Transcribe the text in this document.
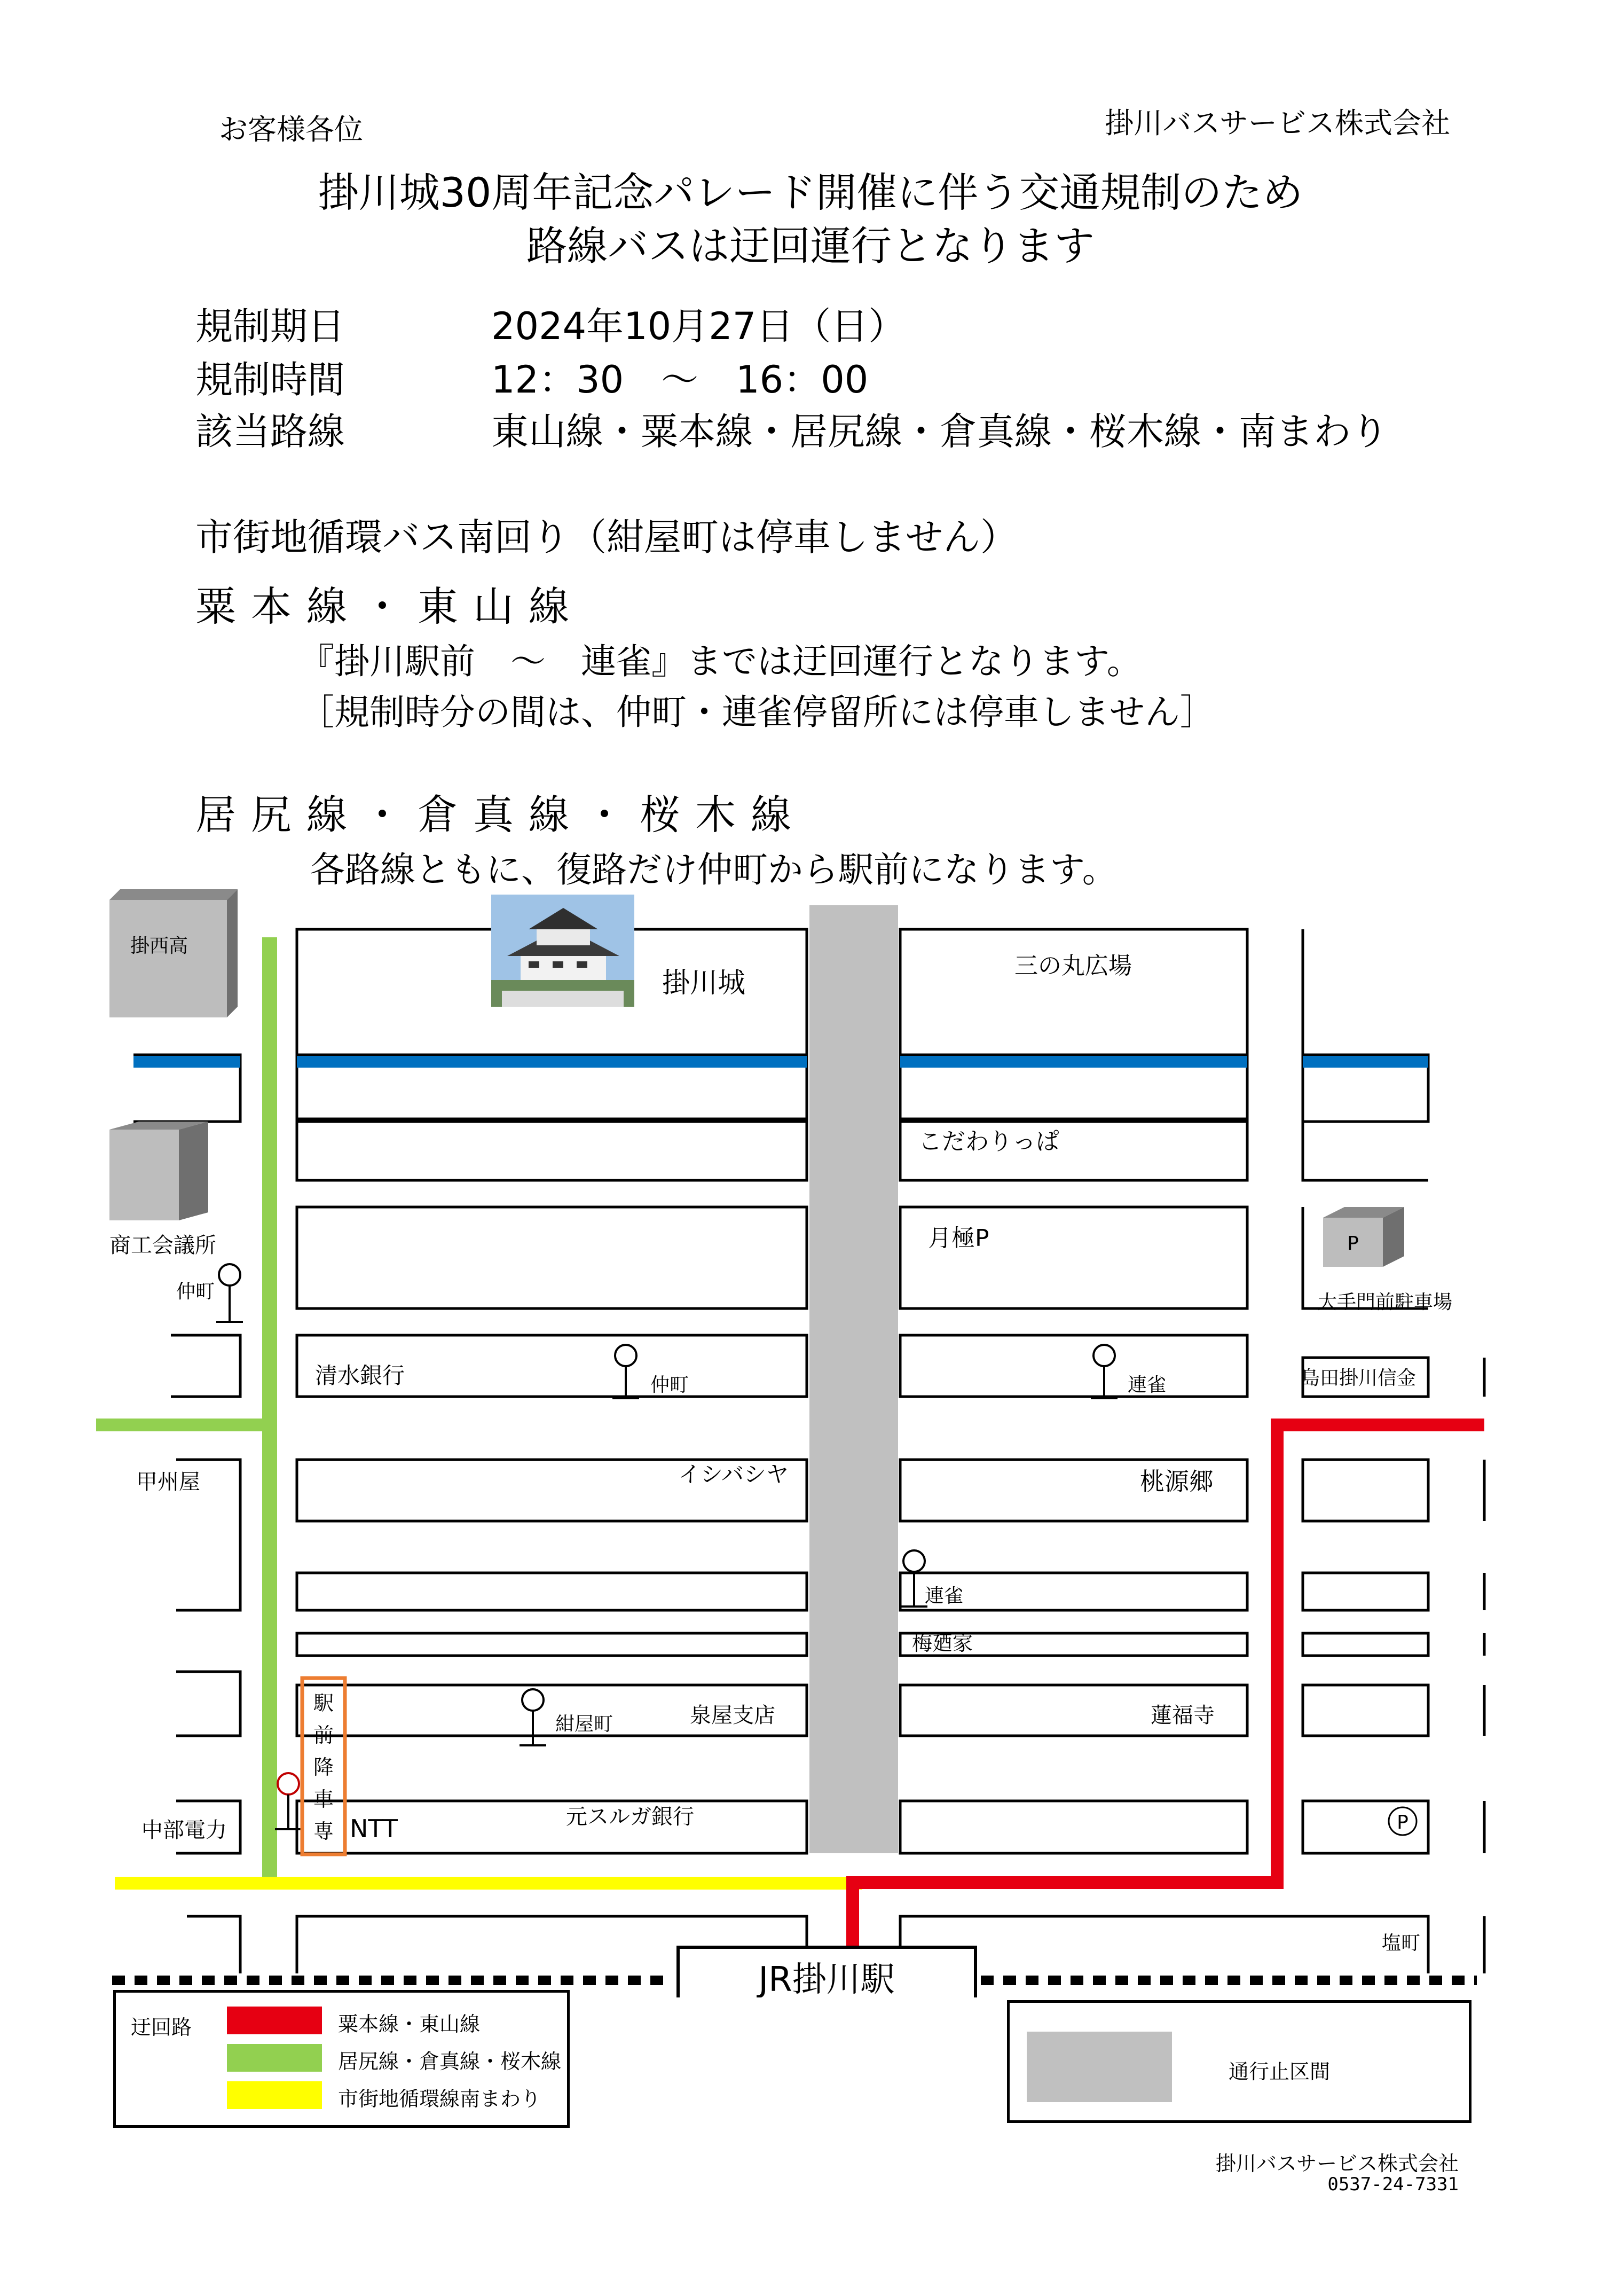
お客様各位	掛川バスサービス株式会社
掛川城30周年記念パレード開催に伴う交通規制のため
路線バスは迂回運行となります
規制期日	2024年10月27日（日）
規制時間	12：30　～　16：00
該当路線	東山線・粟本線・居尻線・倉真線・桜木線・南まわり
市街地循環バス南回り（紺屋町は停車しません）
粟本線・東山線
『掛川駅前　～　連雀』までは迂回運行となります。
［規制時分の間は、仲町・連雀停留所には停車しません］
居尻線・倉真線・桜木線
各路線ともに、復路だけ仲町から駅前になります。
JR掛川駅
駅前降車専	P
掛西高
掛川城
三の丸広場
こだわりっぱ
月極P
商工会議所
仲町
P
大手門前駐車場
清水銀行	仲町	連雀	島田掛川信金
甲州屋	イシバシヤ	桃源郷
連雀
梅廼家
紺屋町	泉屋支店	蓮福寺
中部電力	NTT	元スルガ銀行
塩町
迂回路	粟本線・東山線
居尻線・倉真線・桜木線
市街地循環線南まわり
通行止区間
掛川バスサービス株式会社
0537-24-7331
